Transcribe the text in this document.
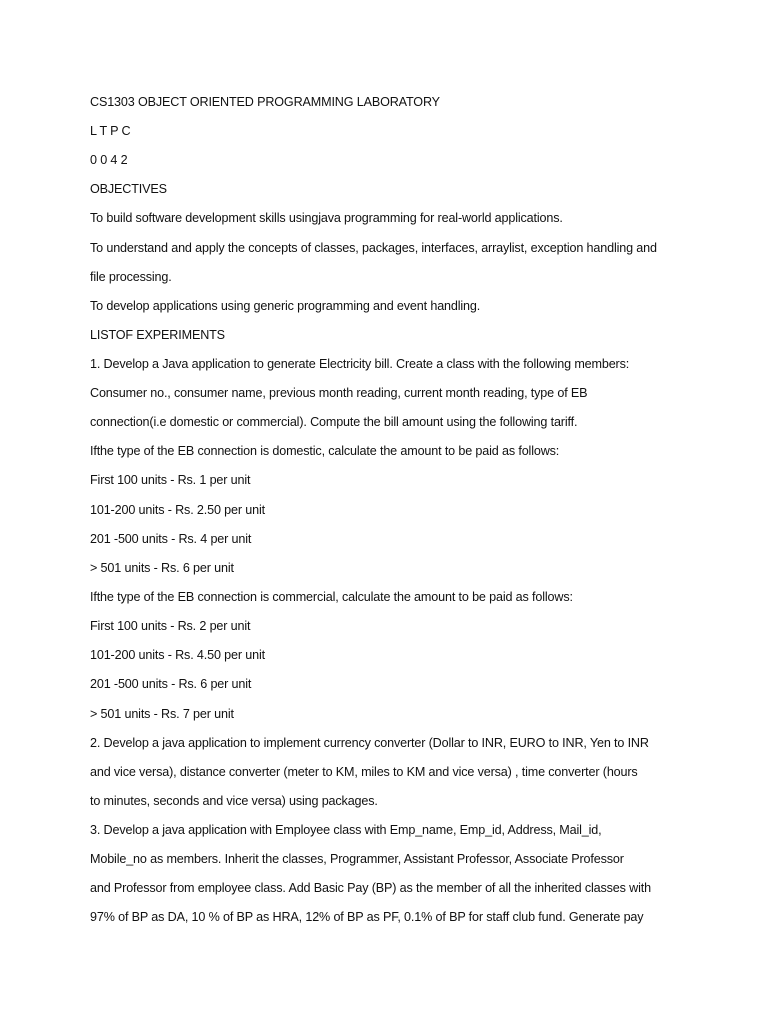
CS1303 OBJECT ORIENTED PROGRAMMING LABORATORY
L T P C
0 0 4 2
OBJECTIVES
To build software development skills usingjava programming for real-world applications.
To understand and apply the concepts of classes, packages, interfaces, arraylist, exception handling and
file processing.
To develop applications using generic programming and event handling.
LISTOF EXPERIMENTS
1. Develop a Java application to generate Electricity bill. Create a class with the following members:
Consumer no., consumer name, previous month reading, current month reading, type of EB
connection(i.e domestic or commercial). Compute the bill amount using the following tariff.
Ifthe type of the EB connection is domestic, calculate the amount to be paid as follows:
First 100 units - Rs. 1 per unit
101-200 units - Rs. 2.50 per unit
201 -500 units - Rs. 4 per unit
> 501 units - Rs. 6 per unit
Ifthe type of the EB connection is commercial, calculate the amount to be paid as follows:
First 100 units - Rs. 2 per unit
101-200 units - Rs. 4.50 per unit
201 -500 units - Rs. 6 per unit
> 501 units - Rs. 7 per unit
2. Develop a java application to implement currency converter (Dollar to INR, EURO to INR, Yen to INR
and vice versa), distance converter (meter to KM, miles to KM and vice versa) , time converter (hours
to minutes, seconds and vice versa) using packages.
3. Develop a java application with Employee class with Emp_name, Emp_id, Address, Mail_id,
Mobile_no as members. Inherit the classes, Programmer, Assistant Professor, Associate Professor
and Professor from employee class. Add Basic Pay (BP) as the member of all the inherited classes with
97% of BP as DA, 10 % of BP as HRA, 12% of BP as PF, 0.1% of BP for staff club fund. Generate pay
